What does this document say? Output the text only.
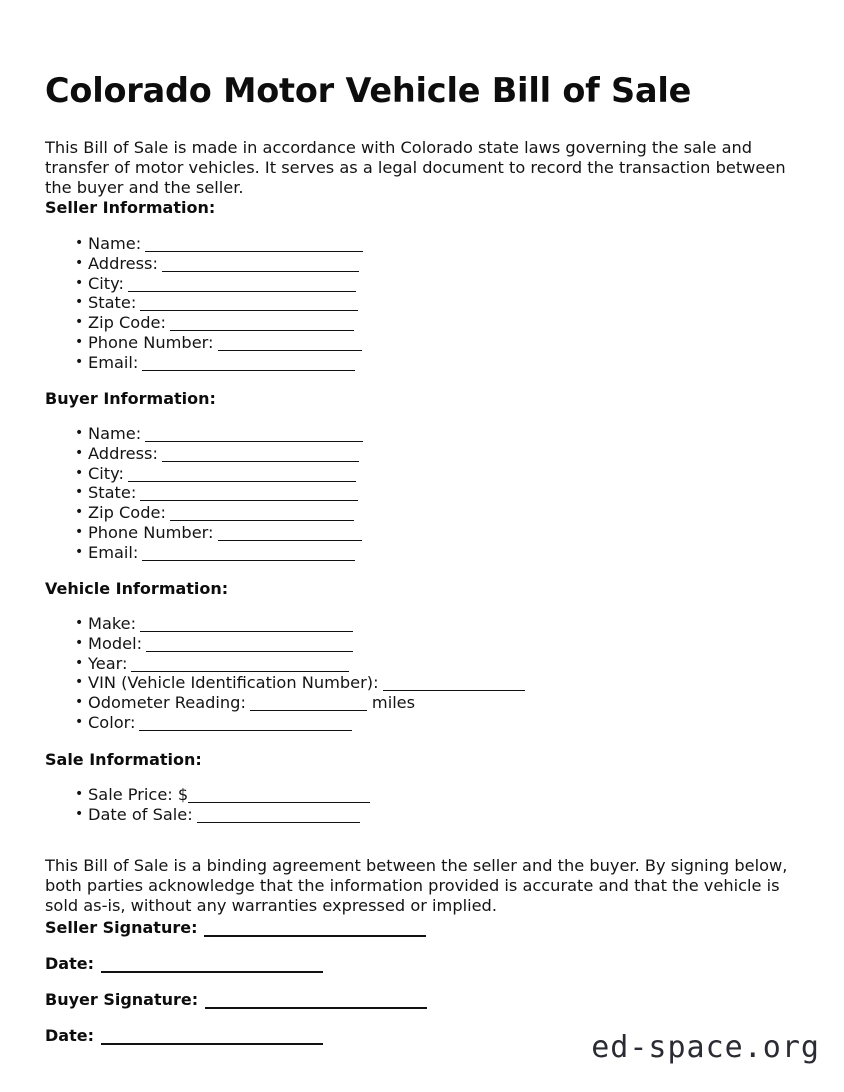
Colorado Motor Vehicle Bill of Sale

This Bill of Sale is made in accordance with Colorado state laws governing the sale and transfer of motor vehicles. It serves as a legal document to record the transaction between the buyer and the seller.

Seller Information:
• Name:
• Address:
• City:
• State:
• Zip Code:
• Phone Number:
• Email:
Buyer Information:
• Name:
• Address:
• City:
• State:
• Zip Code:
• Phone Number:
• Email:
Vehicle Information:
• Make:
• Model:
• Year:
• VIN (Vehicle Identification Number):
• Odometer Reading:	miles
• Color:
Sale Information:
• Sale Price: $
• Date of Sale:

This Bill of Sale is a binding agreement between the seller and the buyer. By signing below, both parties acknowledge that the information provided is accurate and that the vehicle is sold as-is, without any warranties expressed or implied.

Seller Signature:
Date:
Buyer Signature:
Date:	ed-space.org
